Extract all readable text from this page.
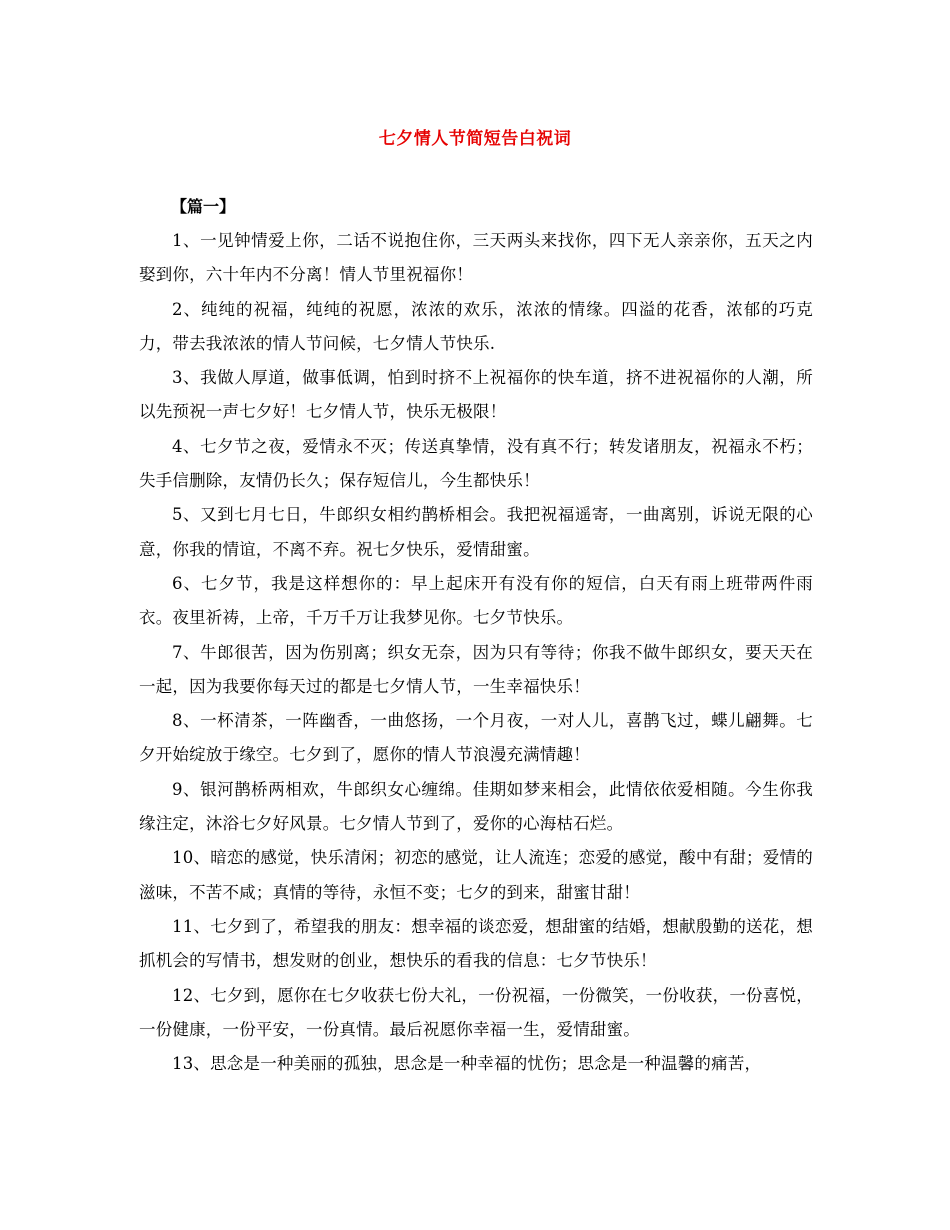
七夕情人节简短告白祝词
【篇一】

1、一见钟情爱上你，二话不说抱住你，三天两头来找你，四下无人亲亲你，五天之内娶到你，六十年内不分离！情人节里祝福你！

2、纯纯的祝福，纯纯的祝愿，浓浓的欢乐，浓浓的情缘。四溢的花香，浓郁的巧克力，带去我浓浓的情人节问候，七夕情人节快乐.

3、我做人厚道，做事低调，怕到时挤不上祝福你的快车道，挤不进祝福你的人潮，所以先预祝一声七夕好！七夕情人节，快乐无极限！

4、七夕节之夜，爱情永不灭；传送真挚情，没有真不行；转发诸朋友，祝福永不朽；失手信删除，友情仍长久；保存短信儿，今生都快乐！

5、又到七月七日，牛郎织女相约鹊桥相会。我把祝福遥寄，一曲离别，诉说无限的心意，你我的情谊，不离不弃。祝七夕快乐，爱情甜蜜。

6、七夕节，我是这样想你的：早上起床开有没有你的短信，白天有雨上班带两件雨衣。夜里祈祷，上帝，千万千万让我梦见你。七夕节快乐。

7、牛郎很苦，因为伤别离；织女无奈，因为只有等待；你我不做牛郎织女，要天天在一起，因为我要你每天过的都是七夕情人节，一生幸福快乐！

8、一杯清茶，一阵幽香，一曲悠扬，一个月夜，一对人儿，喜鹊飞过，蝶儿翩舞。七夕开始绽放于缘空。七夕到了，愿你的情人节浪漫充满情趣！

9、银河鹊桥两相欢，牛郎织女心缠绵。佳期如梦来相会，此情依依爱相随。今生你我缘注定，沐浴七夕好风景。七夕情人节到了，爱你的心海枯石烂。

10、暗恋的感觉，快乐清闲；初恋的感觉，让人流连；恋爱的感觉，酸中有甜；爱情的滋味，不苦不咸；真情的等待，永恒不变；七夕的到来，甜蜜甘甜！

11、七夕到了，希望我的朋友：想幸福的谈恋爱，想甜蜜的结婚，想献殷勤的送花，想抓机会的写情书，想发财的创业，想快乐的看我的信息：七夕节快乐！

12、七夕到，愿你在七夕收获七份大礼，一份祝福，一份微笑，一份收获，一份喜悦，一份健康，一份平安，一份真情。最后祝愿你幸福一生，爱情甜蜜。

13、思念是一种美丽的孤独，思念是一种幸福的忧伤；思念是一种温馨的痛苦，
